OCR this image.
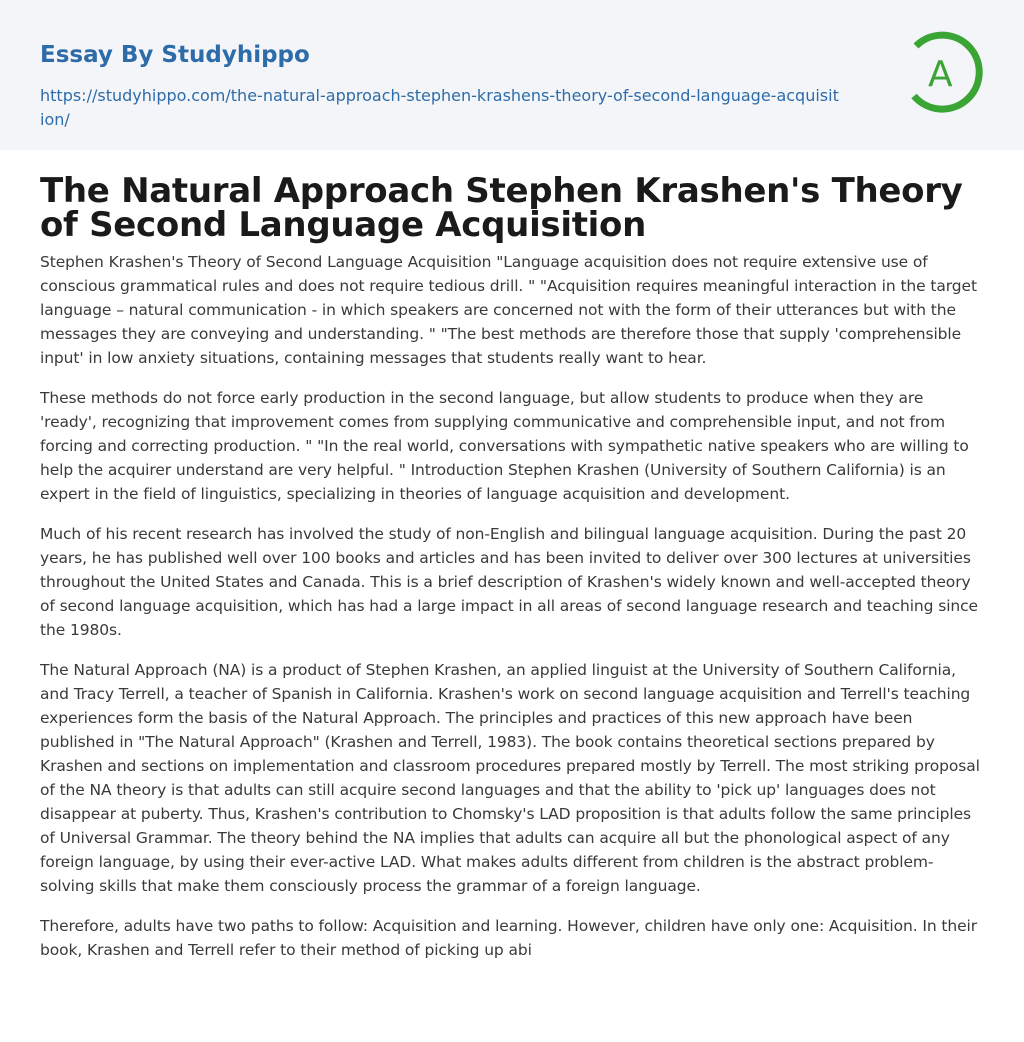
Essay By Studyhippo
https://studyhippo.com/the-natural-approach-stephen-krashens-theory-of-second-language-acquisition/
A
The Natural Approach Stephen Krashen's Theory of Second Language Acquisition

Stephen Krashen's Theory of Second Language Acquisition "Language acquisition does not require extensive use of conscious grammatical rules and does not require tedious drill. " "Acquisition requires meaningful interaction in the target language – natural communication - in which speakers are concerned not with the form of their utterances but with the messages they are conveying and understanding. " "The best methods are therefore those that supply 'comprehensible input' in low anxiety situations, containing messages that students really want to hear.

These methods do not force early production in the second language, but allow students to produce when they are 'ready', recognizing that improvement comes from supplying communicative and comprehensible input, and not from forcing and correcting production. " "In the real world, conversations with sympathetic native speakers who are willing to help the acquirer understand are very helpful. " Introduction Stephen Krashen (University of Southern California) is an expert in the field of linguistics, specializing in theories of language acquisition and development.

Much of his recent research has involved the study of non-English and bilingual language acquisition. During the past 20 years, he has published well over 100 books and articles and has been invited to deliver over 300 lectures at universities throughout the United States and Canada. This is a brief description of Krashen's widely known and well-accepted theory of second language acquisition, which has had a large impact in all areas of second language research and teaching since the 1980s.

The Natural Approach (NA) is a product of Stephen Krashen, an applied linguist at the University of Southern California, and Tracy Terrell, a teacher of Spanish in California. Krashen's work on second language acquisition and Terrell's teaching experiences form the basis of the Natural Approach. The principles and practices of this new approach have been published in "The Natural Approach" (Krashen and Terrell, 1983). The book contains theoretical sections prepared by Krashen and sections on implementation and classroom procedures prepared mostly by Terrell. The most striking proposal of the NA theory is that adults can still acquire second languages and that the ability to 'pick up' languages does not disappear at puberty. Thus, Krashen's contribution to Chomsky's LAD proposition is that adults follow the same principles of Universal Grammar. The theory behind the NA implies that adults can acquire all but the phonological aspect of any foreign language, by using their ever-active LAD. What makes adults different from children is the abstract problem-solving skills that make them consciously process the grammar of a foreign language.

Therefore, adults have two paths to follow: Acquisition and learning. However, children have only one: Acquisition. In their book, Krashen and Terrell refer to their method of picking up abi
